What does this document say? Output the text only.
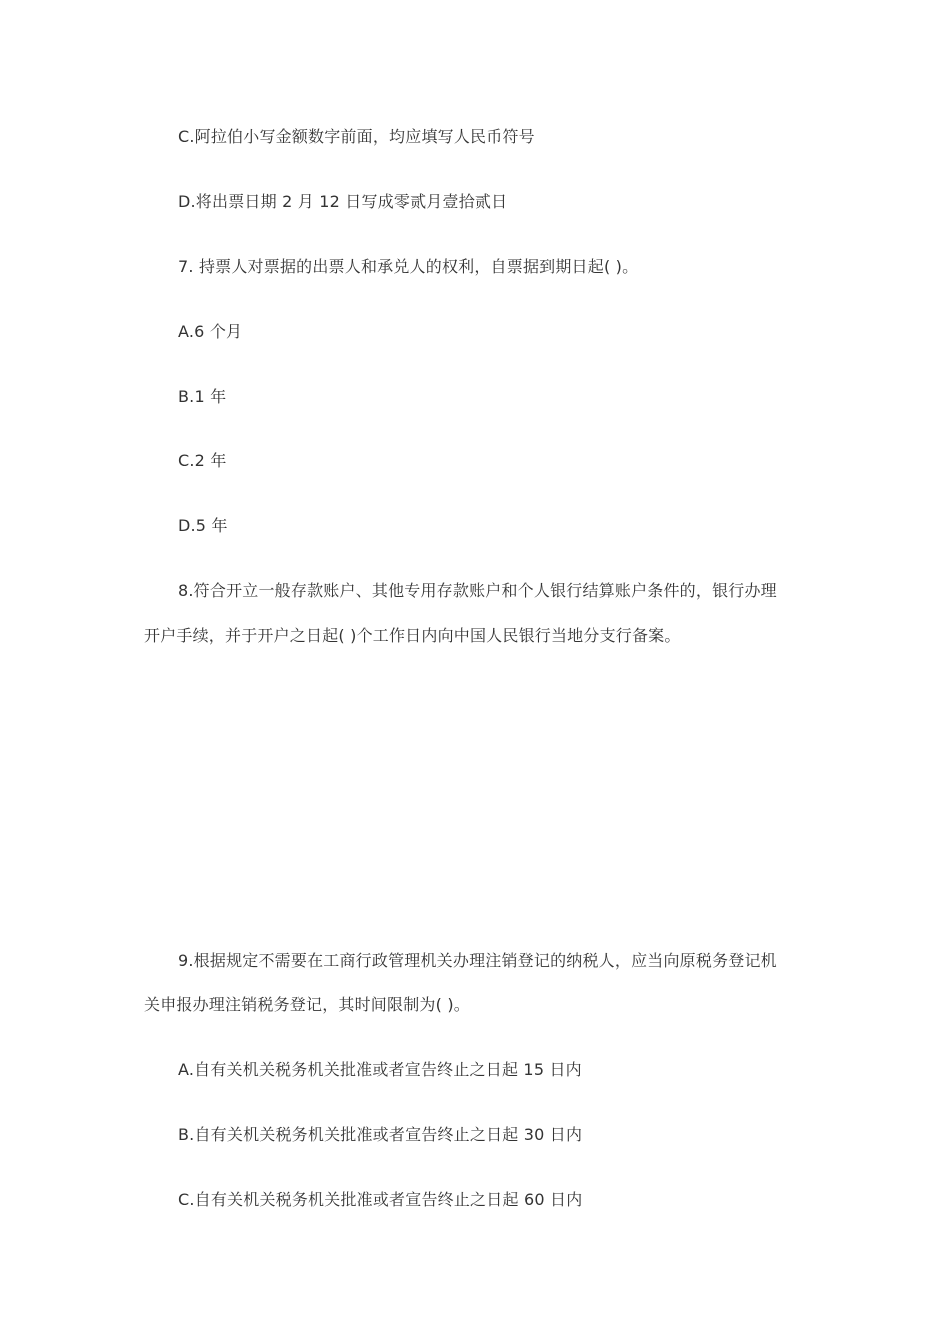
C.阿拉伯小写金额数字前面，均应填写人民币符号
D.将出票日期 2 月 12 日写成零贰月壹拾贰日
7. 持票人对票据的出票人和承兑人的权利，自票据到期日起( )。
A.6 个月
B.1 年
C.2 年
D.5 年
8.符合开立一般存款账户、其他专用存款账户和个人银行结算账户条件的，银行办理
开户手续，并于开户之日起( )个工作日内向中国人民银行当地分支行备案。
9.根据规定不需要在工商行政管理机关办理注销登记的纳税人，应当向原税务登记机
关申报办理注销税务登记，其时间限制为( )。
A.自有关机关税务机关批准或者宣告终止之日起 15 日内
B.自有关机关税务机关批准或者宣告终止之日起 30 日内
C.自有关机关税务机关批准或者宣告终止之日起 60 日内
